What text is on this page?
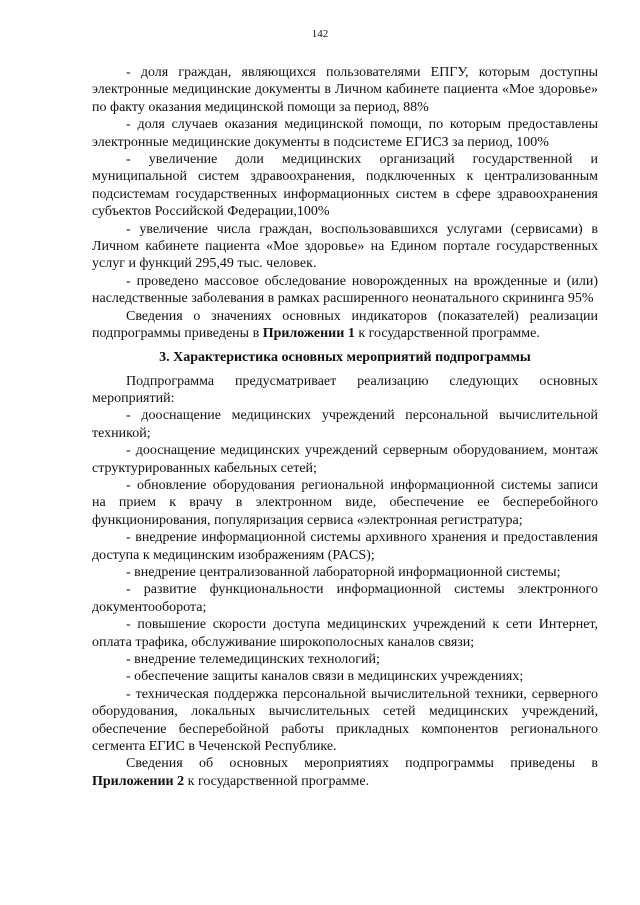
142

- доля граждан, являющихся пользователями ЕПГУ, которым доступны электронные медицинские документы в Личном кабинете пациента «Мое здоровье» по факту оказания медицинской помощи за период, 88%

- доля случаев оказания медицинской помощи, по которым предоставлены электронные медицинские документы в подсистеме ЕГИСЗ за период, 100%

- увеличение доли медицинских организаций государственной и муниципальной систем здравоохранения, подключенных к централизованным подсистемам государственных информационных систем в сфере здравоохранения субъектов Российской Федерации,100%

- увеличение числа граждан, воспользовавшихся услугами (сервисами) в Личном кабинете пациента «Мое здоровье» на Едином портале государственных услуг и функций 295,49 тыс. человек.

- проведено массовое обследование новорожденных на врожденные и (или) наследственные заболевания в рамках расширенного неонатального скрининга 95%

Сведения о значениях основных индикаторов (показателей) реализации подпрограммы приведены в Приложении 1 к государственной программе.

3. Характеристика основных мероприятий подпрограммы

Подпрограмма предусматривает реализацию следующих основных мероприятий:

- дооснащение медицинских учреждений персональной вычислительной техникой;

- дооснащение медицинских учреждений серверным оборудованием, монтаж структурированных кабельных сетей;

- обновление оборудования региональной информационной системы записи на прием к врачу в электронном виде, обеспечение ее бесперебойного функционирования, популяризация сервиса «электронная регистратура;

- внедрение информационной системы архивного хранения и предоставления доступа к медицинским изображениям (PACS);

- внедрение централизованной лабораторной информационной системы;

- развитие функциональности информационной системы электронного документооборота;

- повышение скорости доступа медицинских учреждений к сети Интернет, оплата трафика, обслуживание широкополосных каналов связи;

- внедрение телемедицинских технологий;

- обеспечение защиты каналов связи в медицинских учреждениях;

- техническая поддержка персональной вычислительной техники, серверного оборудования, локальных вычислительных сетей медицинских учреждений, обеспечение бесперебойной работы прикладных компонентов регионального сегмента ЕГИС в Чеченской Республике.

Сведения об основных мероприятиях подпрограммы приведены в Приложении 2 к государственной программе.
